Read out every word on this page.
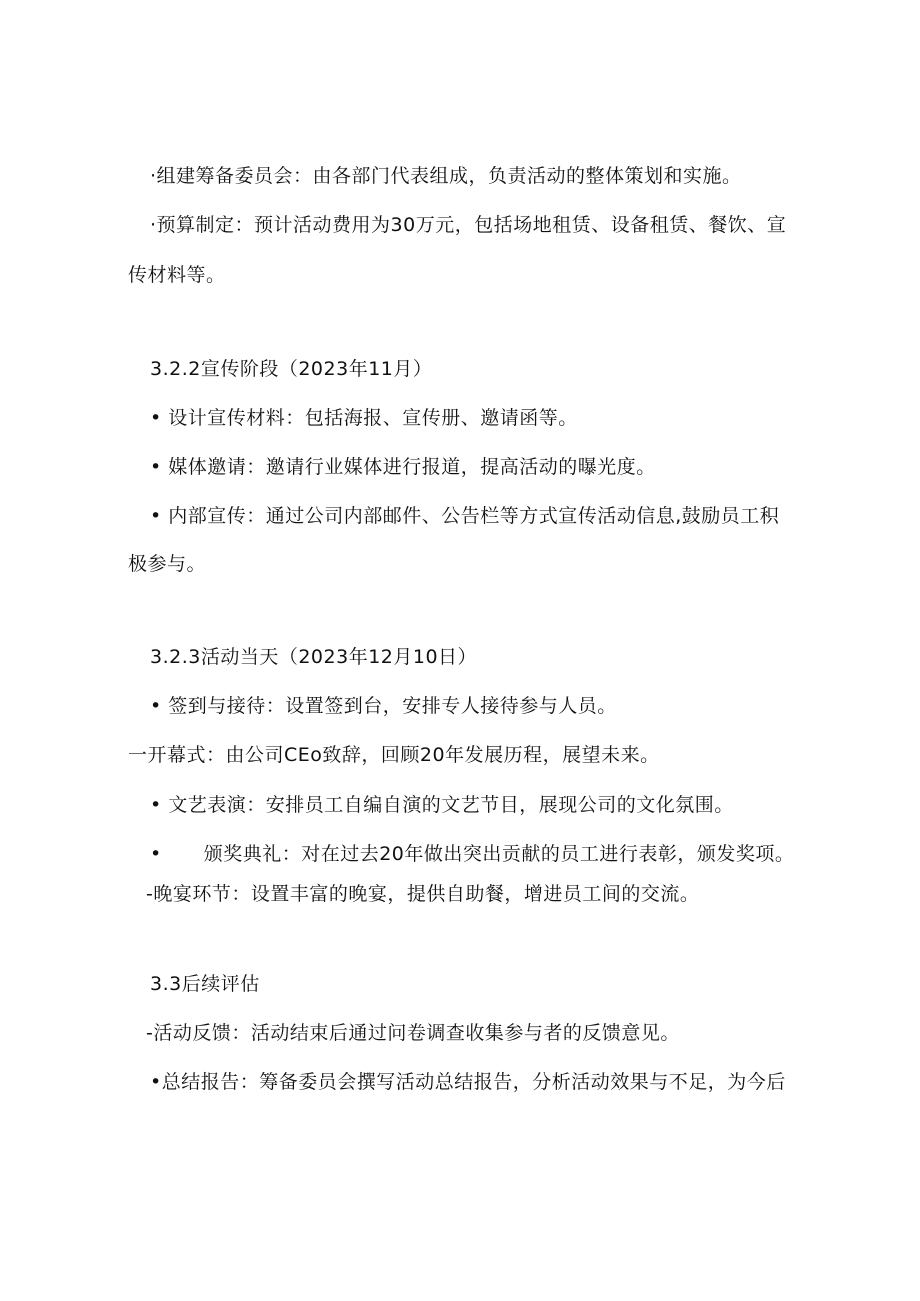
·组建筹备委员会：由各部门代表组成，负责活动的整体策划和实施。
·预算制定：预计活动费用为30万元，包括场地租赁、设备租赁、餐饮、宣
传材料等。
3.2.2宣传阶段（2023年11月）
• 设计宣传材料：包括海报、宣传册、邀请函等。
• 媒体邀请：邀请行业媒体进行报道，提高活动的曝光度。
• 内部宣传：通过公司内部邮件、公告栏等方式宣传活动信息,鼓励员工积
极参与。
3.2.3活动当天（2023年12月10日）
• 签到与接待：设置签到台，安排专人接待参与人员。
一开幕式：由公司CEo致辞，回顾20年发展历程，展望未来。
• 文艺表演：安排员工自编自演的文艺节目，展现公司的文化氛围。
• 颁奖典礼：对在过去20年做出突出贡献的员工进行表彰，颁发奖项。
-晚宴环节：设置丰富的晚宴，提供自助餐，增进员工间的交流。
3.3后续评估
-活动反馈：活动结束后通过问卷调查收集参与者的反馈意见。
•总结报告：筹备委员会撰写活动总结报告，分析活动效果与不足，为今后
